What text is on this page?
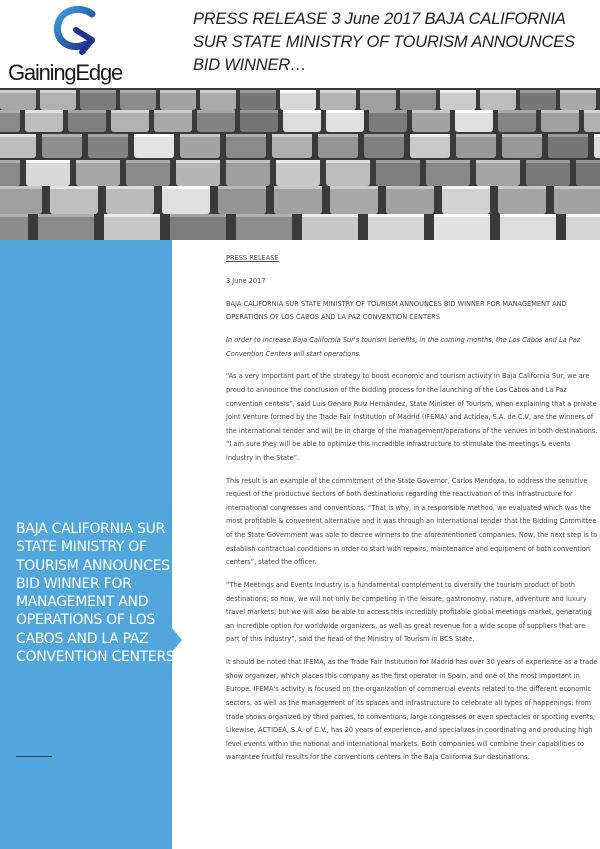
GainingEdge
PRESS RELEASE 3 June 2017 BAJA CALIFORNIA SUR STATE MINISTRY OF TOURISM ANNOUNCES BID WINNER…
BAJA CALIFORNIA SUR STATE MINISTRY OF TOURISM ANNOUNCES BID WINNER FOR MANAGEMENT AND OPERATIONS OF LOS CABOS AND LA PAZ CONVENTION CENTERS

PRESS RELEASE

3 June 2017

BAJA CALIFORNIA SUR STATE MINISTRY OF TOURISM ANNOUNCES BID WINNER FOR MANAGEMENT AND OPERATIONS OF LOS CABOS AND LA PAZ CONVENTION CENTERS

In order to increase Baja California Sur's tourism benefits, in the coming months, the Los Cabos and La Paz Convention Centers will start operations.

“As a very important part of the strategy to boost economic and tourism activity in Baja California Sur, we are proud to announce the conclusion of the bidding process for the launching of the Los Cabos and La Paz convention centers”, said Luis Genaro Ruiz Hernández, State Minister of Tourism, when explaining that a private Joint Venture formed by the Trade Fair Institution of Madrid (IFEMA) and Actidea, S.A. de C.V, are the winners of the international tender and will be in charge of the management/operations of the venues in both destinations. “I am sure they will be able to optimize this incredible infrastructure to stimulate the meetings & events industry in the State”.

This result is an example of the commitment of the State Governor, Carlos Mendoza, to address the sensitive request of the productive sectors of both destinations regarding the reactivation of this infrastructure for international congresses and conventions. “That is why, in a responsible method, we evaluated which was the most profitable & convenient alternative and it was through an international tender that the Bidding Committee of the State Government was able to decree winners to the aforementioned companies. Now, the next step is to establish contractual conditions in order to start with repairs, maintenance and equipment of both convention centers”, stated the officer.

“The Meetings and Events industry is a fundamental complement to diversify the tourism product of both destinations; so now, we will not only be competing in the leisure, gastronomy, nature, adventure and luxury travel markets; but we will also be able to access this incredibly profitable global meetings market, generating an incredible option for worldwide organizers, as well as great revenue for a wide scope of suppliers that are part of this industry”, said the head of the Ministry of Tourism in BCS State.

It should be noted that IFEMA, as the Trade Fair Institution for Madrid has over 30 years of experience as a trade show organizer, which places this company as the first operator in Spain, and one of the most important in Europe. IFEMA's activity is focused on the organization of commercial events related to the different economic sectors, as well as the management of its spaces and infrastructure to celebrate all types of happenings: from trade shows organized by third parties, to conventions, large congresses or even spectacles or sporting events; Likewise, ACTIDEA, S.A. of C.V., has 20 years of experience, and specializes in coordinating and producing high level events within the national and international markets. Both companies will combine their capabilities to warrantee fruitful results for the conventions centers in the Baja California Sur destinations.
